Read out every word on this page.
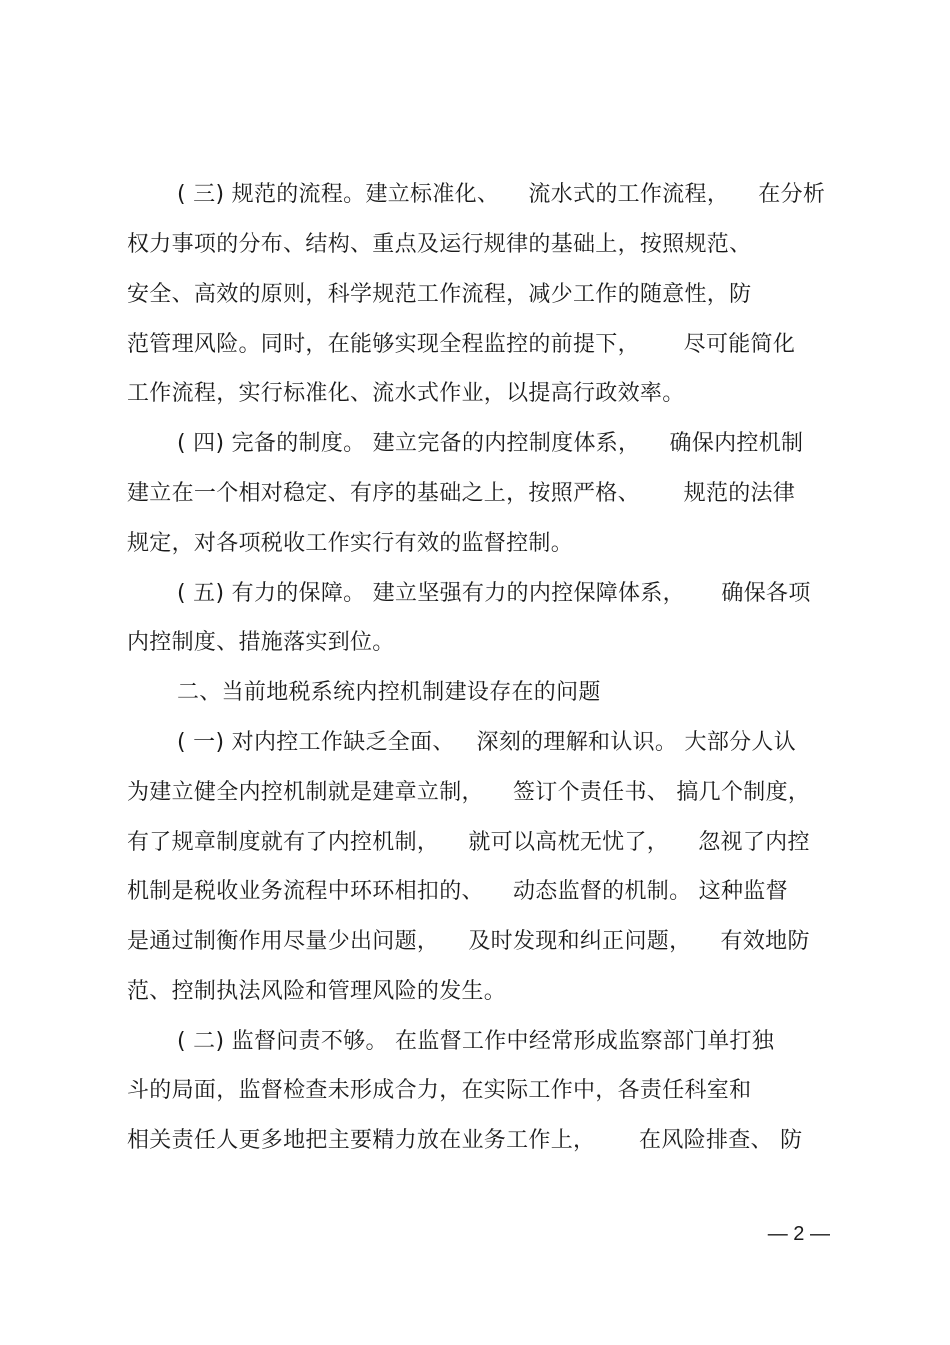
( 三) 规范的流程。建立标准化、    流水式的工作流程，    在分析
权力事项的分布、结构、重点及运行规律的基础上，按照规范、
安全、高效的原则，科学规范工作流程，减少工作的随意性，防
范管理风险。同时，在能够实现全程监控的前提下，      尽可能简化
工作流程，实行标准化、流水式作业，以提高行政效率。
( 四) 完备的制度。 建立完备的内控制度体系，    确保内控机制
建立在一个相对稳定、有序的基础之上，按照严格、      规范的法律
规定，对各项税收工作实行有效的监督控制。
( 五) 有力的保障。 建立坚强有力的内控保障体系，     确保各项
内控制度、措施落实到位。
二、当前地税系统内控机制建设存在的问题
( 一) 对内控工作缺乏全面、   深刻的理解和认识。 大部分人认
为建立健全内控机制就是建章立制，    签订个责任书、 搞几个制度，
有了规章制度就有了内控机制，    就可以高枕无忧了，    忽视了内控
机制是税收业务流程中环环相扣的、    动态监督的机制。 这种监督
是通过制衡作用尽量少出问题，    及时发现和纠正问题，    有效地防
范、控制执法风险和管理风险的发生。
( 二) 监督问责不够。 在监督工作中经常形成监察部门单打独
斗的局面，监督检查未形成合力，在实际工作中，各责任科室和
相关责任人更多地把主要精力放在业务工作上，      在风险排查、 防
— 2 —
